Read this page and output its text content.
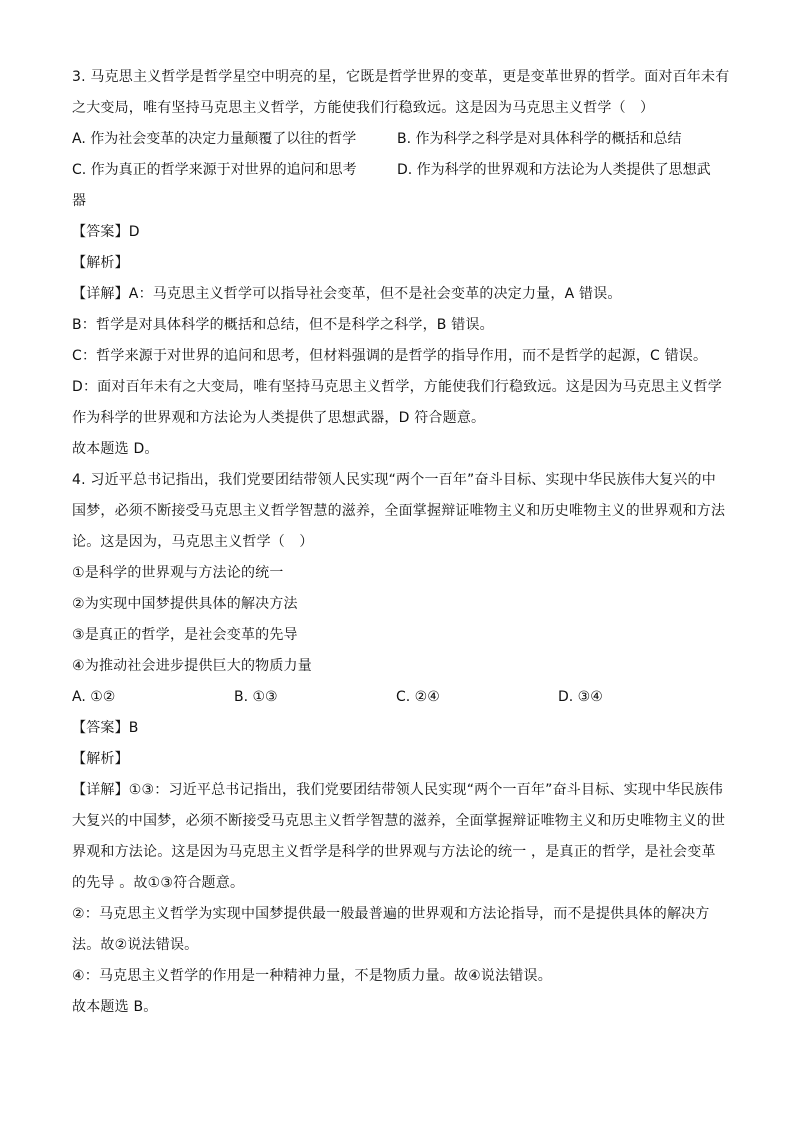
3. 马克思主义哲学是哲学星空中明亮的星，它既是哲学世界的变革，更是变革世界的哲学。面对百年未有
之大变局，唯有坚持马克思主义哲学，方能使我们行稳致远。这是因为马克思主义哲学（　）
A. 作为社会变革的决定力量颠覆了以往的哲学	B. 作为科学之科学是对具体科学的概括和总结
C. 作为真正的哲学来源于对世界的追问和思考	D. 作为科学的世界观和方法论为人类提供了思想武
器
【答案】D
【解析】
【详解】A：马克思主义哲学可以指导社会变革，但不是社会变革的决定力量，A 错误。
B：哲学是对具体科学的概括和总结，但不是科学之科学，B 错误。
C：哲学来源于对世界的追问和思考，但材料强调的是哲学的指导作用，而不是哲学的起源，C 错误。
D：面对百年未有之大变局，唯有坚持马克思主义哲学，方能使我们行稳致远。这是因为马克思主义哲学
作为科学的世界观和方法论为人类提供了思想武器，D 符合题意。
故本题选 D。
4. 习近平总书记指出，我们党要团结带领人民实现“两个一百年”奋斗目标、实现中华民族伟大复兴的中
国梦，必须不断接受马克思主义哲学智慧的滋养，全面掌握辩证唯物主义和历史唯物主义的世界观和方法
论。这是因为，马克思主义哲学（　）
①是科学的世界观与方法论的统一
②为实现中国梦提供具体的解决方法
③是真正的哲学，是社会变革的先导
④为推动社会进步提供巨大的物质力量
A. ①②	B. ①③	C. ②④	D. ③④
【答案】B
【解析】
【详解】①③：习近平总书记指出，我们党要团结带领人民实现“两个一百年”奋斗目标、实现中华民族伟
大复兴的中国梦，必须不断接受马克思主义哲学智慧的滋养，全面掌握辩证唯物主义和历史唯物主义的世
界观和方法论。这是因为马克思主义哲学是科学的世界观与方法论的统一 ，是真正的哲学，是社会变革
的先导 。故①③符合题意。
②：马克思主义哲学为实现中国梦提供最一般最普遍的世界观和方法论指导，而不是提供具体的解决方
法。故②说法错误。
④：马克思主义哲学的作用是一种精神力量，不是物质力量。故④说法错误。
故本题选 B。
